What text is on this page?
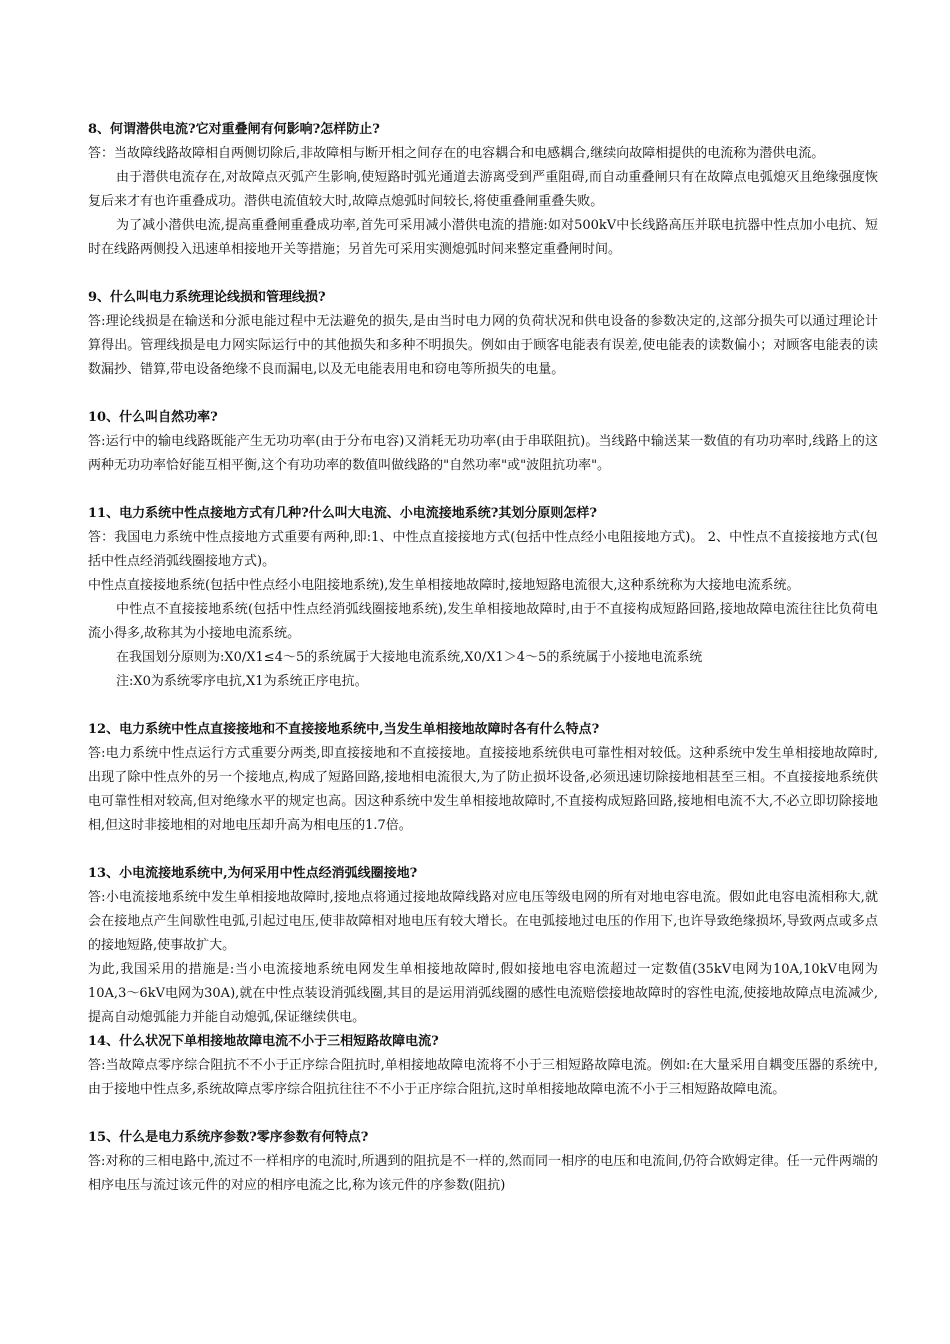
8、何谓潜供电流?它对重叠闸有何影响?怎样防止?

答：当故障线路故障相自两侧切除后,非故障相与断开相之间存在的电容耦合和电感耦合,继续向故障相提供的电流称为潜供电流。

由于潜供电流存在,对故障点灭弧产生影响,使短路时弧光通道去游离受到严重阻碍,而自动重叠闸只有在故障点电弧熄灭且绝缘强度恢复后来才有也许重叠成功。潜供电流值较大时,故障点熄弧时间较长,将使重叠闸重叠失败。

为了减小潜供电流,提高重叠闸重叠成功率,首先可采用减小潜供电流的措施:如对500kV中长线路高压并联电抗器中性点加小电抗、短时在线路两侧投入迅速单相接地开关等措施；另首先可采用实测熄弧时间来整定重叠闸时间。

9、什么叫电力系统理论线损和管理线损?

答:理论线损是在输送和分派电能过程中无法避免的损失,是由当时电力网的负荷状况和供电设备的参数决定的,这部分损失可以通过理论计算得出。管理线损是电力网实际运行中的其他损失和多种不明损失。例如由于顾客电能表有误差,使电能表的读数偏小；对顾客电能表的读数漏抄、错算,带电设备绝缘不良而漏电,以及无电能表用电和窃电等所损失的电量。

10、什么叫自然功率?

答:运行中的输电线路既能产生无功功率(由于分布电容)又消耗无功功率(由于串联阻抗)。当线路中输送某一数值的有功功率时,线路上的这两种无功功率恰好能互相平衡,这个有功功率的数值叫做线路的"自然功率"或"波阻抗功率"。

11、电力系统中性点接地方式有几种?什么叫大电流、小电流接地系统?其划分原则怎样?

答：我国电力系统中性点接地方式重要有两种,即:1、中性点直接接地方式(包括中性点经小电阻接地方式)。 2、中性点不直接接地方式(包括中性点经消弧线圈接地方式)。

中性点直接接地系统(包括中性点经小电阻接地系统),发生单相接地故障时,接地短路电流很大,这种系统称为大接地电流系统。

中性点不直接接地系统(包括中性点经消弧线圈接地系统),发生单相接地故障时,由于不直接构成短路回路,接地故障电流往往比负荷电流小得多,故称其为小接地电流系统。

在我国划分原则为:X0/X1≤4～5的系统属于大接地电流系统,X0/X1＞4～5的系统属于小接地电流系统

注:X0为系统零序电抗,X1为系统正序电抗。

12、电力系统中性点直接接地和不直接接地系统中,当发生单相接地故障时各有什么特点?

答:电力系统中性点运行方式重要分两类,即直接接地和不直接接地。直接接地系统供电可靠性相对较低。这种系统中发生单相接地故障时,出现了除中性点外的另一个接地点,构成了短路回路,接地相电流很大,为了防止损坏设备,必须迅速切除接地相甚至三相。不直接接地系统供电可靠性相对较高,但对绝缘水平的规定也高。因这种系统中发生单相接地故障时,不直接构成短路回路,接地相电流不大,不必立即切除接地相,但这时非接地相的对地电压却升高为相电压的1.7倍。

13、小电流接地系统中,为何采用中性点经消弧线圈接地?

答:小电流接地系统中发生单相接地故障时,接地点将通过接地故障线路对应电压等级电网的所有对地电容电流。假如此电容电流相称大,就会在接地点产生间歇性电弧,引起过电压,使非故障相对地电压有较大增长。在电弧接地过电压的作用下,也许导致绝缘损坏,导致两点或多点的接地短路,使事故扩大。

为此,我国采用的措施是:当小电流接地系统电网发生单相接地故障时,假如接地电容电流超过一定数值(35kV电网为10A,10kV电网为10A,3～6kV电网为30A),就在中性点装设消弧线圈,其目的是运用消弧线圈的感性电流赔偿接地故障时的容性电流,使接地故障点电流减少,提高自动熄弧能力并能自动熄弧,保证继续供电。

14、什么状况下单相接地故障电流不小于三相短路故障电流?

答:当故障点零序综合阻抗不不小于正序综合阻抗时,单相接地故障电流将不小于三相短路故障电流。例如:在大量采用自耦变压器的系统中,由于接地中性点多,系统故障点零序综合阻抗往往不不小于正序综合阻抗,这时单相接地故障电流不小于三相短路故障电流。

15、什么是电力系统序参数?零序参数有何特点?

答:对称的三相电路中,流过不一样相序的电流时,所遇到的阻抗是不一样的,然而同一相序的电压和电流间,仍符合欧姆定律。任一元件两端的相序电压与流过该元件的对应的相序电流之比,称为该元件的序参数(阻抗)
